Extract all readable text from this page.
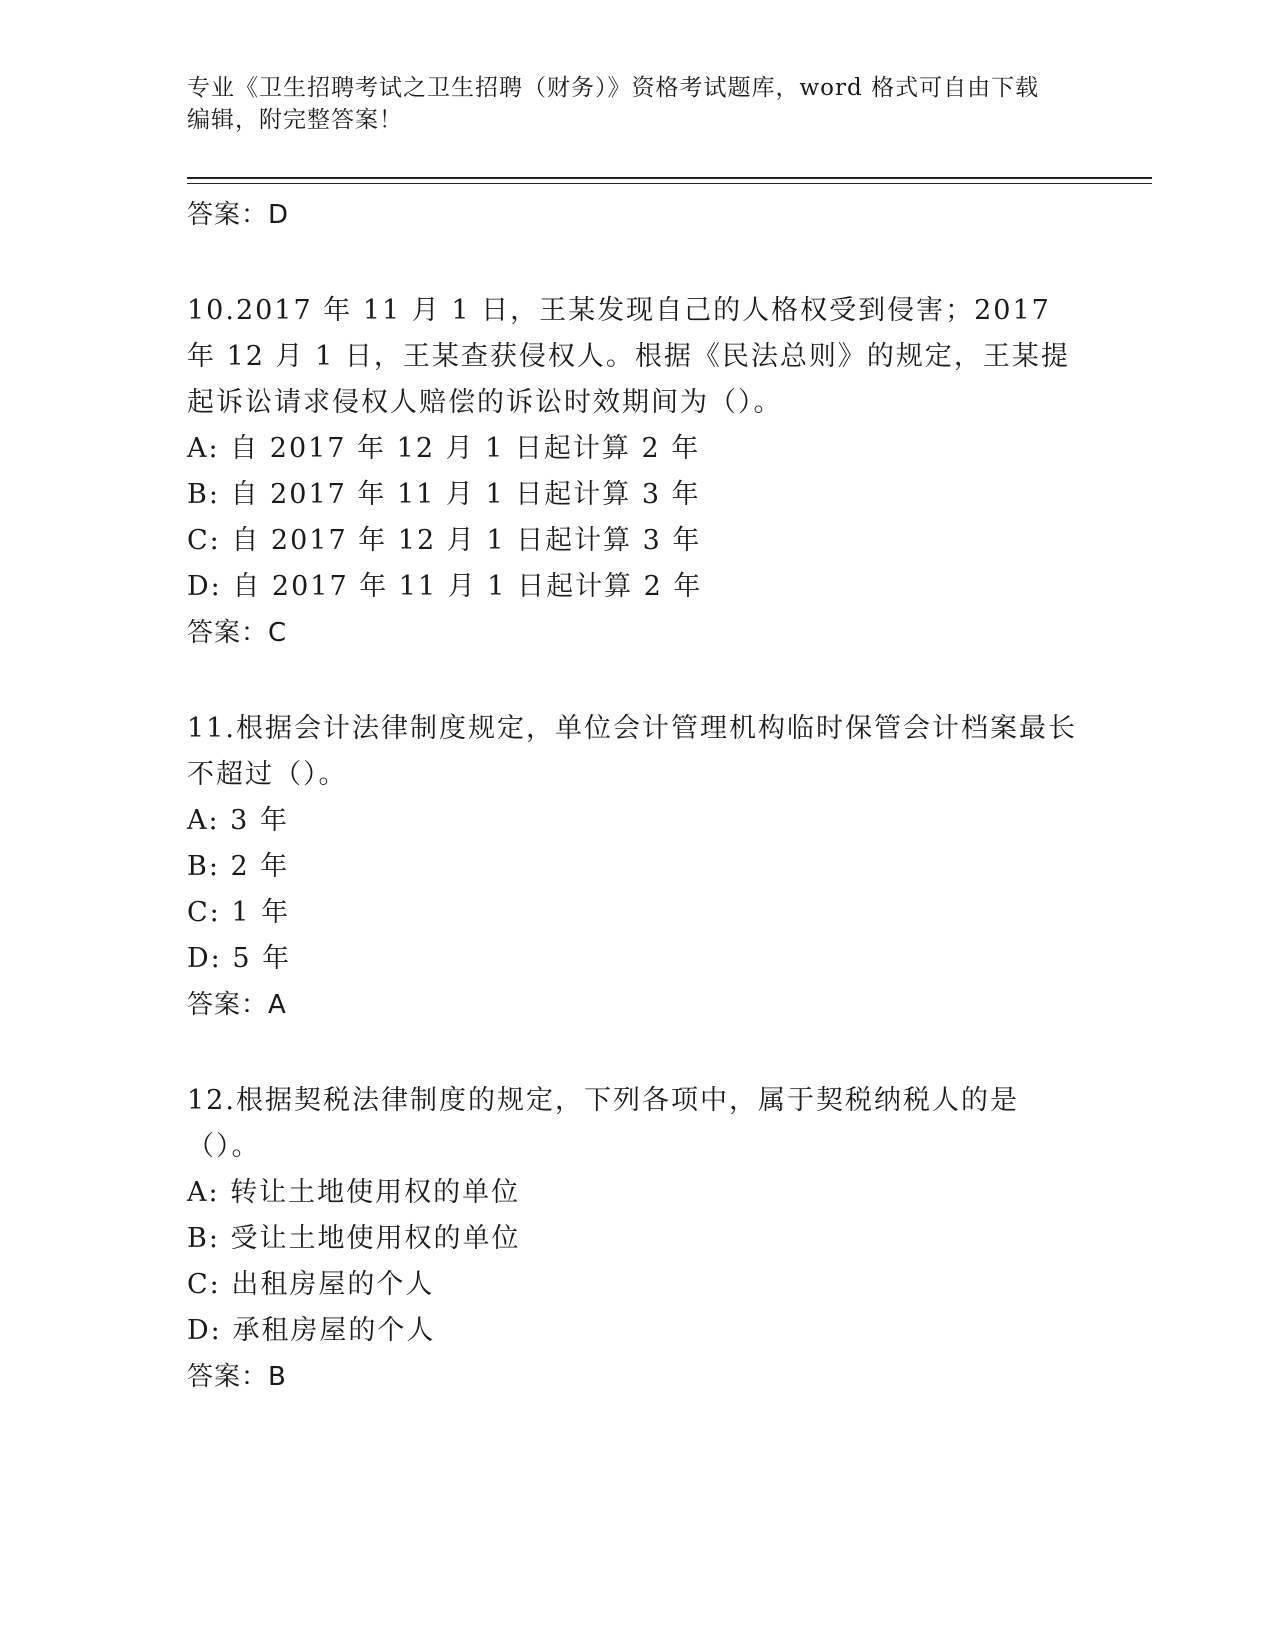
专业《卫生招聘考试之卫生招聘（财务）》资格考试题库，word 格式可自由下载
编辑，附完整答案！
答案：D
10.2017 年 11 月 1 日，王某发现自己的人格权受到侵害；2017 年 12 月 1 日，王某查获侵权人。根据《民法总则》的规定，王某提起诉讼请求侵权人赔偿的诉讼时效期间为（）。
A: 自 2017 年 12 月 1 日起计算 2 年
B: 自 2017 年 11 月 1 日起计算 3 年
C: 自 2017 年 12 月 1 日起计算 3 年
D: 自 2017 年 11 月 1 日起计算 2 年
答案：C
11.根据会计法律制度规定，单位会计管理机构临时保管会计档案最长不超过（）。
A: 3 年
B: 2 年
C: 1 年
D: 5 年
答案：A
12.根据契税法律制度的规定，下列各项中，属于契税纳税人的是（）。
A: 转让土地使用权的单位
B: 受让土地使用权的单位
C: 出租房屋的个人
D: 承租房屋的个人
答案：B
